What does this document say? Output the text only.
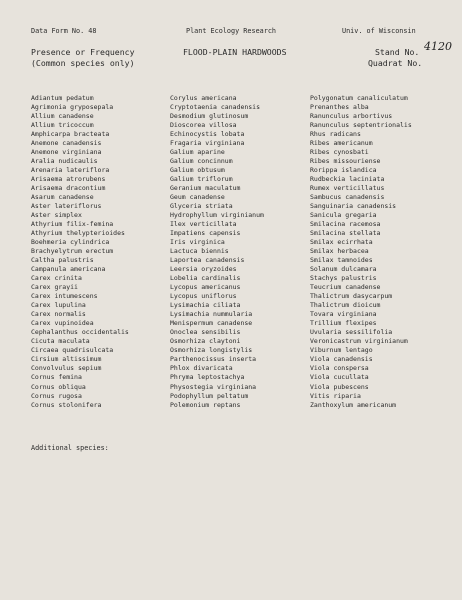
Data Form No. 48	Plant Ecology Research	Univ. of Wisconsin
Presence or Frequency
(Common species only)
FLOOD-PLAIN HARDWOODS	Stand No. 4120
Quadrat No.
Adiantum pedatum
Agrimonia gryposepala
Allium canadense
Allium tricoccum
Amphicarpa bracteata
Anemone canadensis
Anemone virginiana
Aralia nudicaulis
Arenaria lateriflora
Arisaema atrorubens
Arisaema dracontium
Asarum canadense
Aster lateriflorus
Aster simplex
Athyrium filix-femina
Athyrium thelypterioides
Boehmeria cylindrica
Brachyelytrum erectum
Caltha palustris
Campanula americana
Carex crinita
Carex grayii
Carex intumescens
Carex lupulina
Carex normalis
Carex vupinoidea
Cephalanthus occidentalis
Cicuta maculata
Circaea quadrisulcata
Cirsium altissimum
Convolvulus sepium
Cornus femina
Cornus obliqua
Cornus rugosa
Cornus stolonifera
Corylus americana
Cryptotaenia canadensis
Desmodium glutinosum
Dioscorea villosa
Echinocystis lobata
Fragaria virginiana
Galium aparine
Galium concinnum
Galium obtusum
Galium triflorum
Geranium maculatum
Geum canadense
Glyceria striata
Hydrophyllum virginianum
Ilex verticillata
Impatiens capensis
Iris virginica
Lactuca biennis
Laportea canadensis
Leersia oryzoides
Lobelia cardinalis
Lycopus americanus
Lycopus uniflorus
Lysimachia ciliata
Lysimachia nummularia
Menispermum canadense
Onoclea sensibilis
Osmorhiza claytoni
Osmorhiza longistylis
Parthenocissus inserta
Phlox divaricata
Phryma leptostachya
Physostegia virginiana
Podophyllum peltatum
Polemonium reptans
Polygonatum canaliculatum
Prenanthes alba
Ranunculus arbortivus
Ranunculus septentrionalis
Rhus radicans
Ribes americanum
Ribes cynosbati
Ribes missouriense
Rorippa islandica
Rudbeckia laciniata
Rumex verticillatus
Sambucus canadensis
Sanguinaria canadensis
Sanicula gregaria
Smilacina racemosa
Smilacina stellata
Smilax ecirrhata
Smilax herbacea
Smilax tamnoides
Solanum dulcamara
Stachys palustris
Teucrium canadense
Thalictrum dasycarpum
Thalictrum dioicum
Tovara virginiana
Trillium flexipes
Uvularia sessilifolia
Veronicastrum virginianum
Viburnum lentago
Viola canadensis
Viola conspersa
Viola cucullata
Viola pubescens
Vitis riparia
Zanthoxylum americanum
Additional species:
